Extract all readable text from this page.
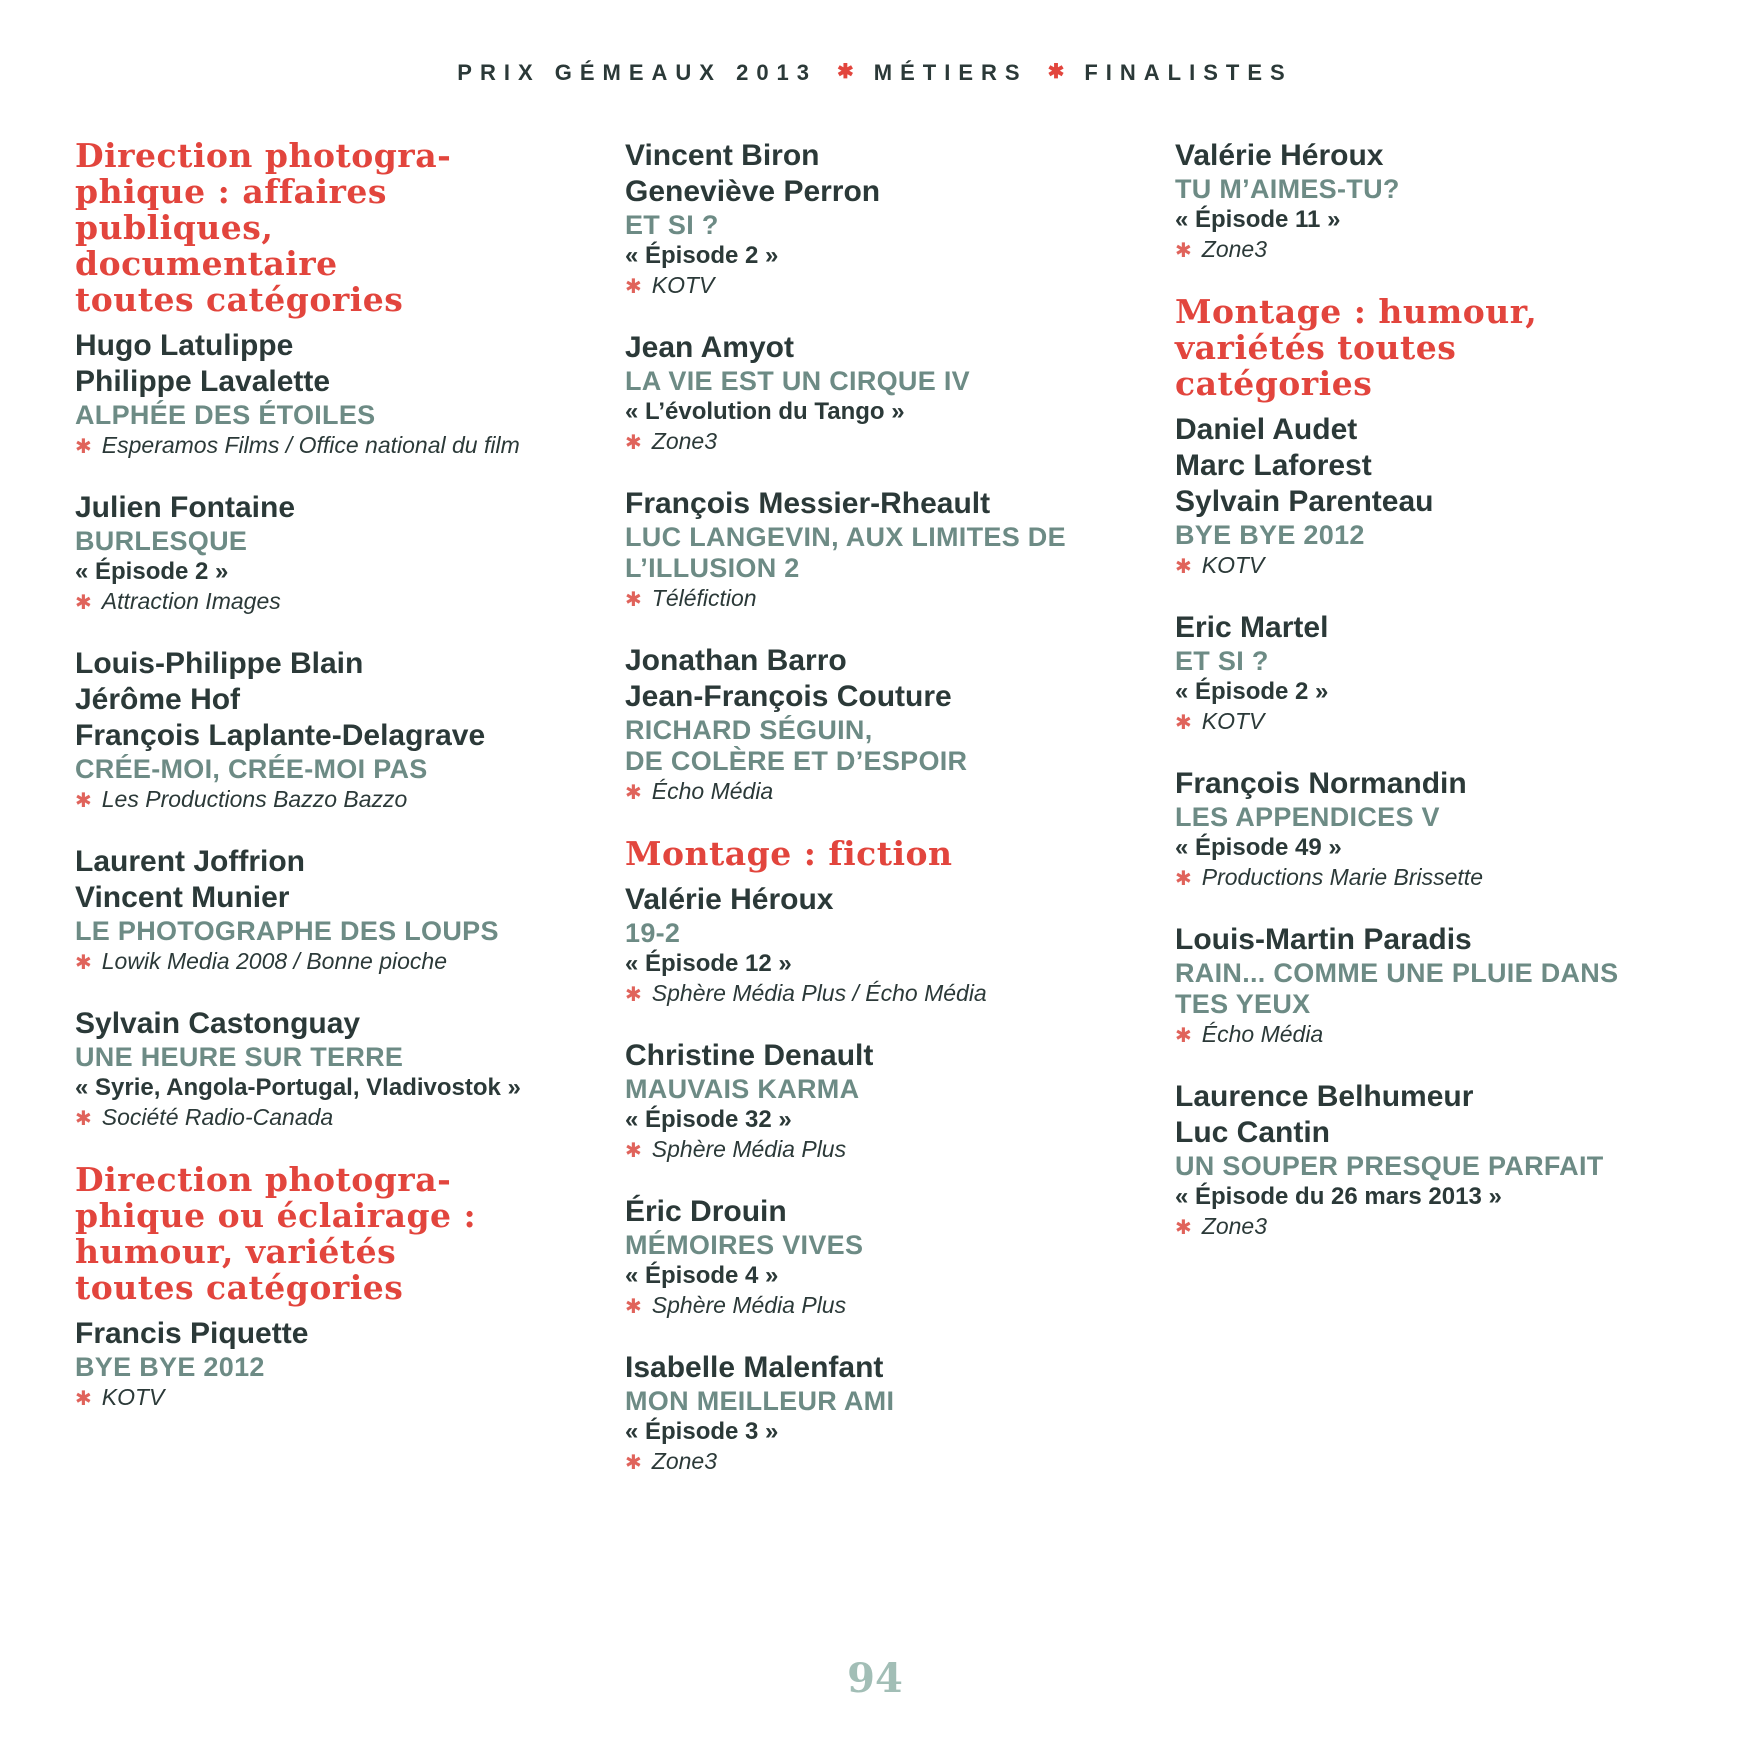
PRIX GÉMEAUX 2013 ✱ MÉTIERS ✱ FINALISTES
Direction photogra-
phique : affaires
publiques,
documentaire
toutes catégories
Hugo Latulippe
Philippe Lavalette
ALPHÉE DES ÉTOILES
✱ Esperamos Films / Office national du film
Julien Fontaine
BURLESQUE
« Épisode 2 »
✱ Attraction Images
Louis-Philippe Blain
Jérôme Hof
François Laplante-Delagrave
CRÉE-MOI, CRÉE-MOI PAS
✱ Les Productions Bazzo Bazzo
Laurent Joffrion
Vincent Munier
LE PHOTOGRAPHE DES LOUPS
✱ Lowik Media 2008 / Bonne pioche
Sylvain Castonguay
UNE HEURE SUR TERRE
« Syrie, Angola-Portugal, Vladivostok »
✱ Société Radio-Canada
Direction photogra-
phique ou éclairage :
humour, variétés
toutes catégories
Francis Piquette
BYE BYE 2012
✱ KOTV
Vincent Biron
Geneviève Perron
ET SI ?
« Épisode 2 »
✱ KOTV
Jean Amyot
LA VIE EST UN CIRQUE IV
« L’évolution du Tango »
✱ Zone3
François Messier-Rheault
LUC LANGEVIN, AUX LIMITES DE
L’ILLUSION 2
✱ Téléfiction
Jonathan Barro
Jean-François Couture
RICHARD SÉGUIN,
DE COLÈRE ET D’ESPOIR
✱ Écho Média
Montage : fiction
Valérie Héroux
19-2
« Épisode 12 »
✱ Sphère Média Plus / Écho Média
Christine Denault
MAUVAIS KARMA
« Épisode 32 »
✱ Sphère Média Plus
Éric Drouin
MÉMOIRES VIVES
« Épisode 4 »
✱ Sphère Média Plus
Isabelle Malenfant
MON MEILLEUR AMI
« Épisode 3 »
✱ Zone3
Valérie Héroux
TU M’AIMES-TU?
« Épisode 11 »
✱ Zone3
Montage : humour,
variétés toutes
catégories
Daniel Audet
Marc Laforest
Sylvain Parenteau
BYE BYE 2012
✱ KOTV
Eric Martel
ET SI ?
« Épisode 2 »
✱ KOTV
François Normandin
LES APPENDICES V
« Épisode 49 »
✱ Productions Marie Brissette
Louis-Martin Paradis
RAIN... COMME UNE PLUIE DANS
TES YEUX
✱ Écho Média
Laurence Belhumeur
Luc Cantin
UN SOUPER PRESQUE PARFAIT
« Épisode du 26 mars 2013 »
✱ Zone3
94
